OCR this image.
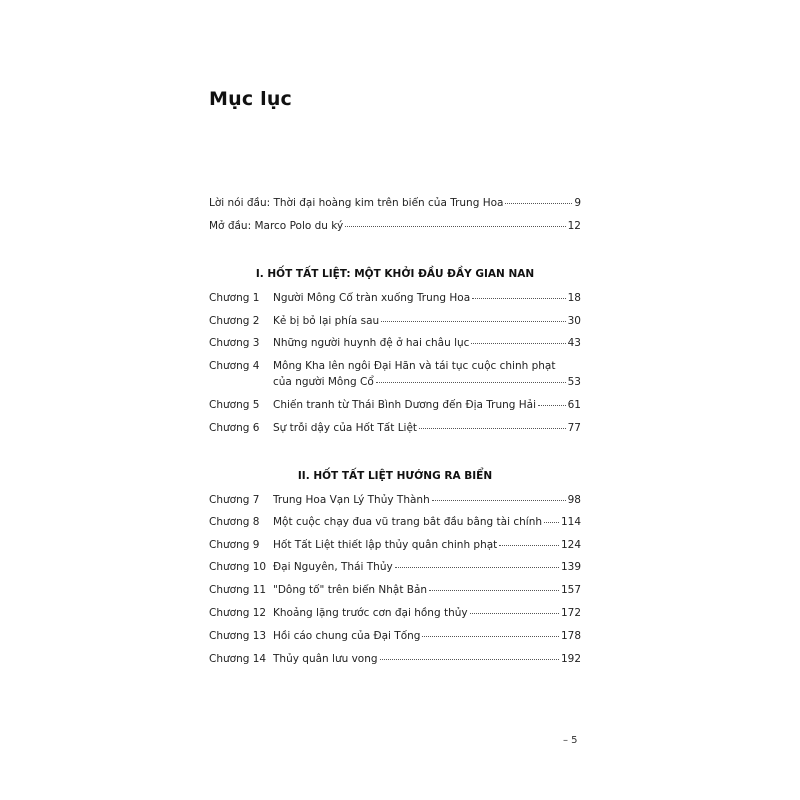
Mục lục
Lời nói đầu: Thời đại hoàng kim trên biển của Trung Hoa	9
Mở đầu: Marco Polo du ký	12
I. HỐT TẤT LIỆT: MỘT KHỞI ĐẦU ĐẦY GIAN NAN
Chương 1	Người Mông Cổ tràn xuống Trung Hoa	18
Chương 2	Kẻ bị bỏ lại phía sau	30
Chương 3	Những người huynh đệ ở hai châu lục	43
Chương 4	Mông Kha lên ngôi Đại Hãn và tái tục cuộc chinh phạt
của người Mông Cổ	53
Chương 5	Chiến tranh từ Thái Bình Dương đến Địa Trung Hải	61
Chương 6	Sự trỗi dậy của Hốt Tất Liệt	77
II. HỐT TẤT LIỆT HƯỚNG RA BIỂN
Chương 7	Trung Hoa Vạn Lý Thủy Thành	98
Chương 8	Một cuộc chạy đua vũ trang bắt đầu bằng tài chính 114
Chương 9	Hốt Tất Liệt thiết lập thủy quân chinh phạt	124
Chương 10 Đại Nguyên, Thái Thủy	139
Chương 11 "Dông tố" trên biển Nhật Bản	157
Chương 12 Khoảng lặng trước cơn đại hồng thủy	172
Chương 13 Hồi cáo chung của Đại Tống	178
Chương 14 Thủy quân lưu vong	192
– 5
